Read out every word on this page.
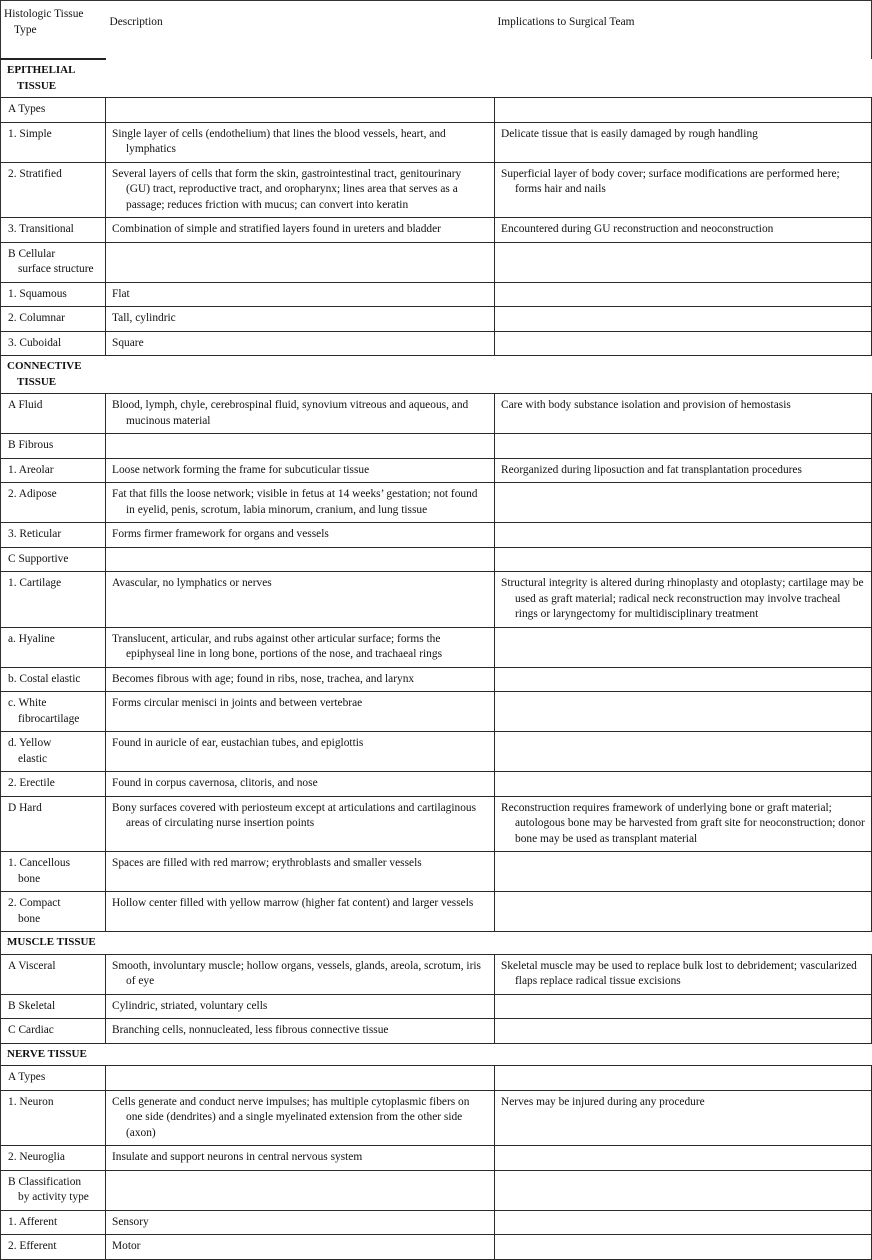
Histologic Tissue
Type	Description	Implications to Surgical Team
EPITHELIAL
TISSUE		

A Types		
1. Simple	Single layer of cells (endothelium) that lines the blood vessels, heart, and lymphatics	Delicate tissue that is easily damaged by rough handling
2. Stratified	Several layers of cells that form the skin, gastrointestinal tract, genitourinary (GU) tract, reproductive tract, and oropharynx; lines area that serves as a passage; reduces friction with mucus; can convert into keratin	Superficial layer of body cover; surface modifications are performed here; forms hair and nails
3. Transitional	Combination of simple and stratified layers found in ureters and bladder	Encountered during GU reconstruction and neoconstruction
B Cellular
surface structure		

1. Squamous	Flat	
2. Columnar	Tall, cylindric	
3. Cuboidal	Square	
CONNECTIVE
TISSUE		

A Fluid	Blood, lymph, chyle, cerebrospinal fluid, synovium vitreous and aqueous, and mucinous material	Care with body substance isolation and provision of hemostasis
B Fibrous		
1. Areolar	Loose network forming the frame for subcuticular tissue	Reorganized during liposuction and fat transplantation procedures
2. Adipose	Fat that fills the loose network; visible in fetus at 14 weeks’ gestation; not found in eyelid, penis, scrotum, labia minorum, cranium, and lung tissue	
3. Reticular	Forms firmer framework for organs and vessels	
C Supportive		
1. Cartilage	Avascular, no lymphatics or nerves	Structural integrity is altered during rhinoplasty and otoplasty; cartilage may be used as graft material; radical neck reconstruction may involve tracheal rings or laryngectomy for multidisciplinary treatment
a. Hyaline	Translucent, articular, and rubs against other articular surface; forms the epiphyseal line in long bone, portions of the nose, and trachaeal rings	
b. Costal elastic	Becomes fibrous with age; found in ribs, nose, trachea, and larynx	
c. White
fibrocartilage	Forms circular menisci in joints and between vertebrae	
d. Yellow
elastic	Found in auricle of ear, eustachian tubes, and epiglottis	
2. Erectile	Found in corpus cavernosa, clitoris, and nose	
D Hard	Bony surfaces covered with periosteum except at articulations and cartilaginous areas of circulating nurse insertion points	Reconstruction requires framework of underlying bone or graft material; autologous bone may be harvested from graft site for neoconstruction; donor bone may be used as transplant material
1. Cancellous
bone	Spaces are filled with red marrow; erythroblasts and smaller vessels	
2. Compact
bone	Hollow center filled with yellow marrow (higher fat content) and larger vessels	
MUSCLE TISSUE		
A Visceral	Smooth, involuntary muscle; hollow organs, vessels, glands, areola, scrotum, iris of eye	Skeletal muscle may be used to replace bulk lost to debridement; vascularized flaps replace radical tissue excisions
B Skeletal	Cylindric, striated, voluntary cells	
C Cardiac	Branching cells, nonnucleated, less fibrous connective tissue	
NERVE TISSUE		
A Types		
1. Neuron	Cells generate and conduct nerve impulses; has multiple cytoplasmic fibers on one side (dendrites) and a single myelinated extension from the other side (axon)	Nerves may be injured during any procedure
2. Neuroglia	Insulate and support neurons in central nervous system	
B Classification
by activity type		

1. Afferent	Sensory	
2. Efferent	Motor	
